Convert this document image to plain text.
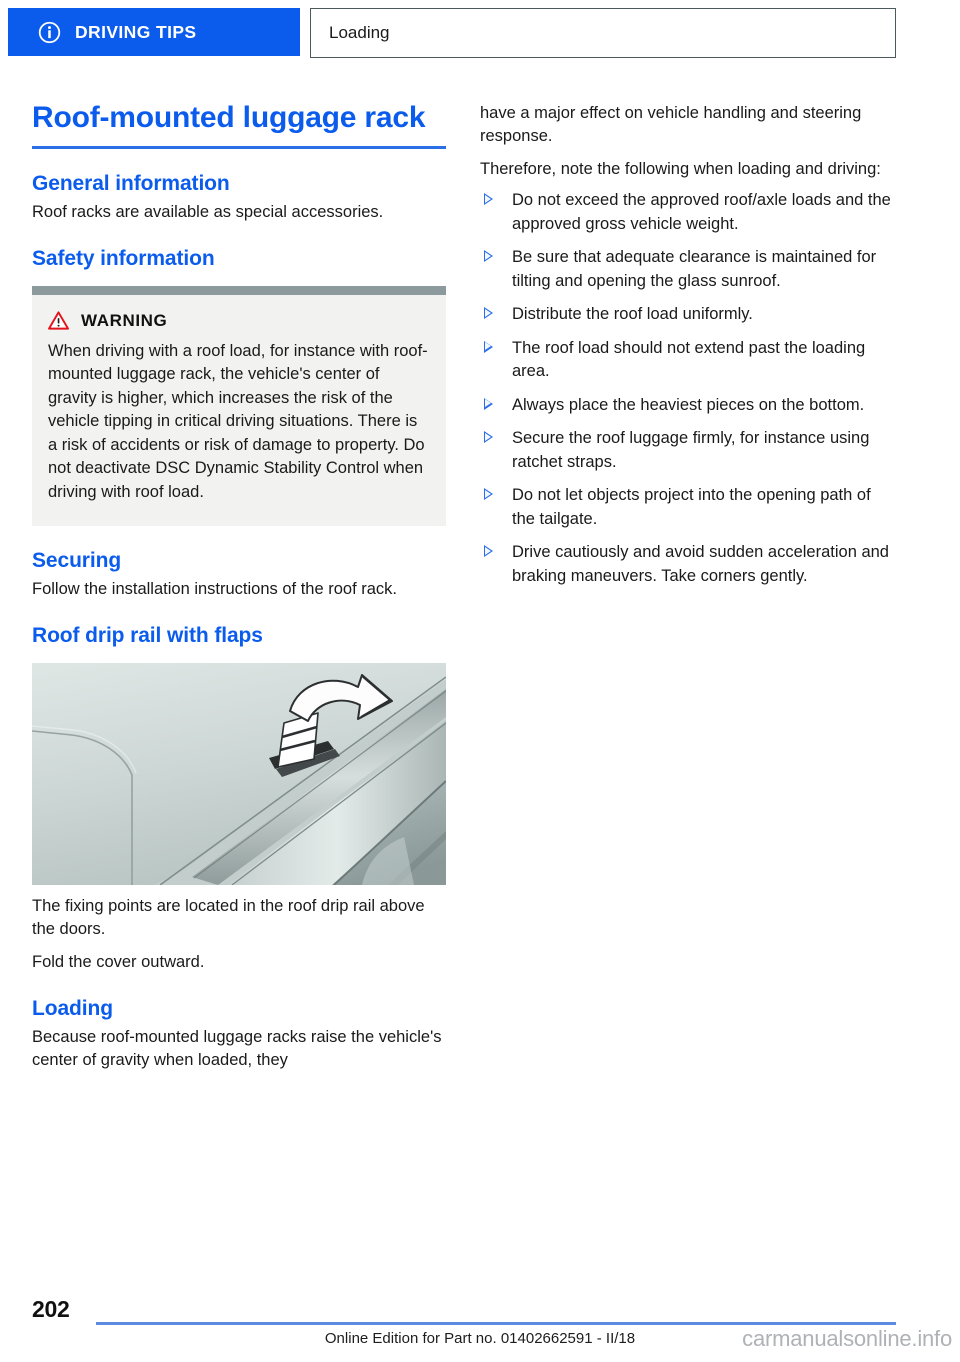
DRIVING TIPS	Loading
Roof-mounted luggage rack
General information

Roof racks are available as special accessories.

Safety information
WARNING

When driving with a roof load, for instance with roof-mounted luggage rack, the vehicle's center of gravity is higher, which increases the risk of the vehicle tipping in critical driving situations. There is a risk of accidents or risk of damage to property. Do not deactivate DSC Dynamic Stability Control when driving with roof load.

Securing

Follow the installation instructions of the roof rack.

Roof drip rail with flaps

The fixing points are located in the roof drip rail above the doors.

Fold the cover outward.

Loading

Because roof-mounted luggage racks raise the vehicle's center of gravity when loaded, they

have a major effect on vehicle handling and steering response.

Therefore, note the following when loading and driving:

Do not exceed the approved roof/axle loads and the approved gross vehicle weight.
Be sure that adequate clearance is maintained for tilting and opening the glass sunroof.
Distribute the roof load uniformly.
The roof load should not extend past the loading area.
Always place the heaviest pieces on the bottom.
Secure the roof luggage firmly, for instance using ratchet straps.
Do not let objects project into the opening path of the tailgate.
Drive cautiously and avoid sudden acceleration and braking maneuvers. Take corners gently.
202
Online Edition for Part no. 01402662591 - II/18	carmanualsonline.info
